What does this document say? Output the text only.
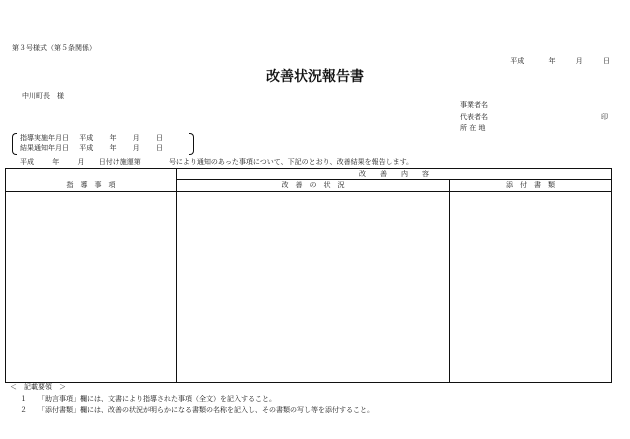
第３号様式（第５条関係）
平成	年	月	日
改善状況報告書
中川町長　様
事業者名
代表者名	印
所 在 地
指導実施年月日 平成 年 月 日
結果通知年月日 平成 年 月 日
平成	年	月 日付け施運第	号により通知のあった事項について、下記のとおり、改善結果を報告します。
指　導　事　項	改　　善　　内　　容	
	改　善　の　状　況	添　付　書　類

＜　記載要領　＞
１ 「助言事項」欄には、文書により指導された事項（全文）を記入すること。
２ 「添付書類」欄には、改善の状況が明らかになる書類の名称を記入し、その書類の写し等を添付すること。
